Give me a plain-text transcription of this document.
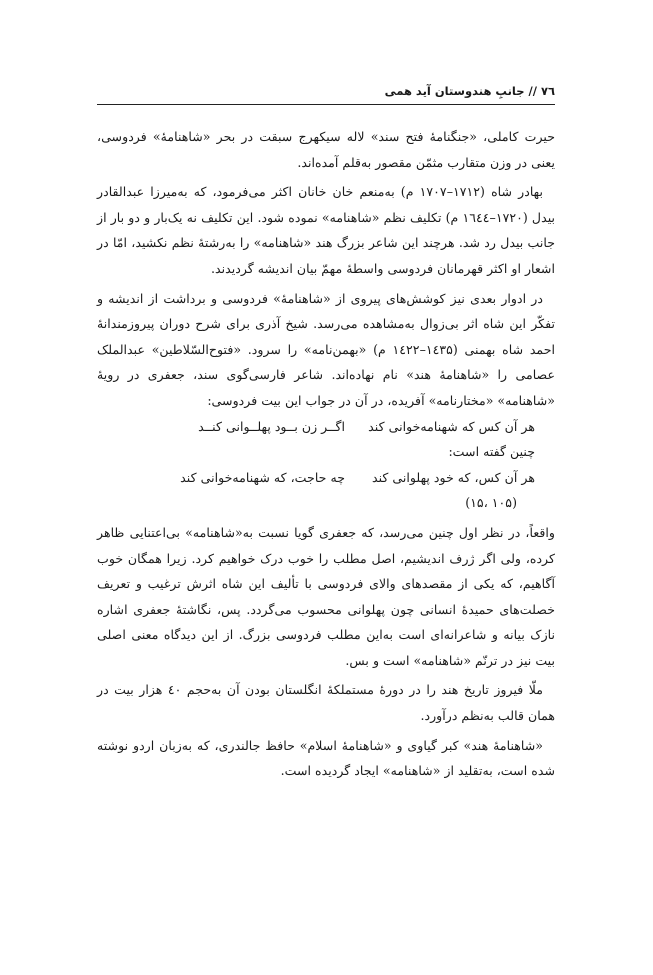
٧٦ // جانبِ هندوستان آید همی

حیرت کاملی، «جنگنامۀ فتح سند» لاله سیکهرج سبقت در بحر «شاهنامۀ» فردوسی، یعنی در وزن متقارب مثمّن مقصور به‌قلم آمده‌اند.

بهادر شاه (۱۷۱۲–۱۷۰۷ م) به‌منعم خان خانان اکثر می‌فرمود، که به‌میرزا عبدالقادر بیدل (۱۷۲۰–۱٦٤٤ م) تکلیف نظم «شاهنامه» نموده شود. این تکلیف نه یک‌بار و دو بار از جانب بیدل رد شد. هرچند این شاعر بزرگ هند «شاهنامه» را به‌رشتۀ نظم نکشید، امّا در اشعار او اکثر قهرمانان فردوسی واسطۀ مهمّ بیان اندیشه گردیدند.

در ادوار بعدی نیز کوشش‌های پیروی از «شاهنامۀ» فردوسی و برداشت از اندیشه و تفکّر این شاه اثر بی‌زوال به‌مشاهده می‌رسد. شیخ آذری برای شرح دوران پیروزمندانۀ احمد شاه بهمنی (۱٤۳۵–۱٤۲۲ م) «بهمن‌نامه» را سرود. «فتوح‌السّلاطین» عبدالملک عصامی را «شاهنامۀ هند» نام نهاده‌اند. شاعر فارسی‌گوی سند، جعفری در رویۀ «شاهنامه» «مختارنامه» آفریده، در آن در جواب این بیت فردوسی:

هر آن کس که شهنامه‌خوانی کند
اگــر زن بــود پهلــوانی کنــد

چنین گفته است:

هر آن کس، که خود پهلوانی کند
چه حاجت، که شهنامه‌خوانی کند

(۱۰۵ ،۱۵)

واقعاً، در نظر اول چنین می‌رسد، که جعفری گویا نسبت به«شاهنامه» بی‌اعتنایی ظاهر کرده، ولی اگر ژرف اندیشیم، اصل مطلب را خوب درک خواهیم کرد. زیرا همگان خوب آگاهیم، که یکی از مقصدهای والای فردوسی با تألیف این شاه اثرش ترغیب و تعریف خصلت‌های حمیدۀ انسانی چون پهلوانی محسوب می‌گردد. پس، نگاشتۀ جعفری اشاره نازک بیانه و شاعرانه‌ای است به‌این مطلب فردوسی بزرگ. از این دیدگاه معنی اصلی بیت نیز در ترنّم «شاهنامه» است و بس.

ملّا فیروز تاریخ هند را در دورۀ مستملکۀ انگلستان بودن آن به‌حجم ٤۰ هزار بیت در همان قالب به‌نظم درآورد.

«شاهنامۀ هند» کبر گیاوی و «شاهنامۀ اسلام» حافظ جالندری، که به‌زبان اردو نوشته شده است، به‌تقلید از «شاهنامه» ایجاد گردیده است.
